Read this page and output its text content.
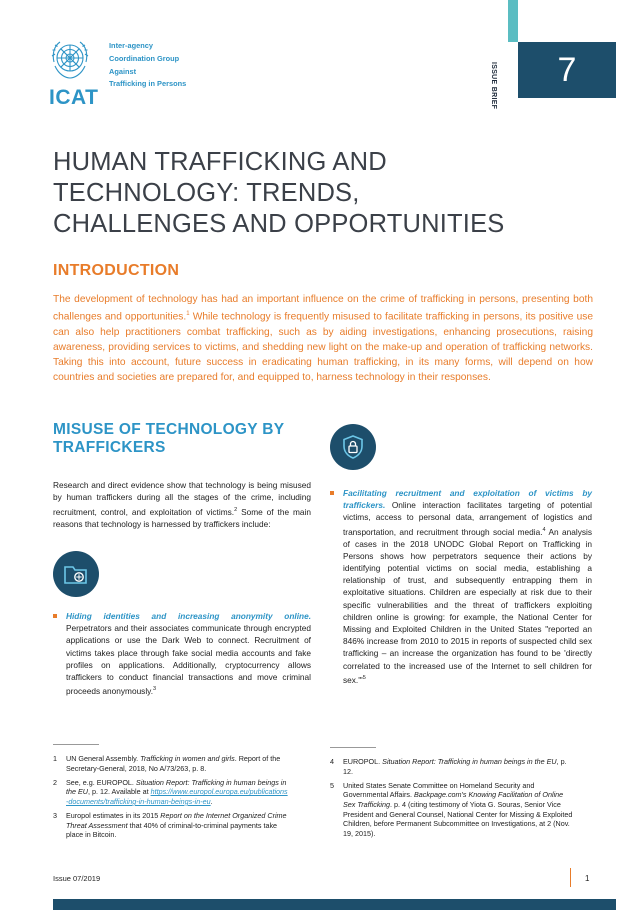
7
ISSUE BRIEF
ICAT
Inter-agency
Coordination Group
Against
Trafficking in Persons
HUMAN TRAFFICKING AND
TECHNOLOGY: TRENDS,
CHALLENGES AND OPPORTUNITIES
INTRODUCTION

The development of technology has had an important influence on the crime of trafficking in persons, presenting both challenges and opportunities.$^1$ While technology is frequently misused to facilitate trafficking in persons, its positive use can also help practitioners combat trafficking, such as by aiding investigations, enhancing prosecutions, raising awareness, providing services to victims, and shedding new light on the make-up and operation of trafficking networks. Taking this into account, future success in eradicating human trafficking, in its many forms, will depend on how countries and societies are prepared for, and equipped to, harness technology in their responses.

MISUSE OF TECHNOLOGY BY
TRAFFICKERS

Research and direct evidence show that technology is being misused by human traffickers during all the stages of the crime, including recruitment, control, and exploitation of victims.$^2$ Some of the main reasons that technology is harnessed by traffickers include:

Hiding identities and increasing anonymity online. Perpetrators and their associates communicate through encrypted applications or use the Dark Web to connect. Recruitment of victims takes place through fake social media accounts and fake profiles on applications. Additionally, cryptocurrency allows traffickers to conduct financial transactions and move criminal proceeds anonymously.$^3$

Facilitating recruitment and exploitation of victims by traffickers. Online interaction facilitates targeting of potential victims, access to personal data, arrangement of logistics and transportation, and recruitment through social media.$^4$ An analysis of cases in the 2018 UNODC Global Report on Trafficking in Persons shows how perpetrators sequence their actions by identifying potential victims on social media, establishing a relationship of trust, and subsequently entrapping them in exploitative situations. Children are especially at risk due to their specific vulnerabilities and the threat of traffickers exploiting children online is growing: for example, the National Center for Missing and Exploited Children in the United States "reported an 846% increase from 2010 to 2015 in reports of suspected child sex trafficking – an increase the organization has found to be 'directly correlated to the increased use of the Internet to sell children for sex.'"$^5$

1	UN General Assembly. Trafficking in women and girls. Report of the Secretary-General, 2018, No A/73/263, p. 8.
2	See, e.g. EUROPOL. Situation Report: Trafficking in human beings in the EU, p. 12. Available at https://www.europol.europa.eu/publications-documents/trafficking-in-human-beings-in-eu.
3	Europol estimates in its 2015 Report on the Internet Organized Crime Threat Assessment that 40% of criminal-to-criminal payments take place in Bitcoin.
4	EUROPOL. Situation Report: Trafficking in human beings in the EU, p. 12.
5	United States Senate Committee on Homeland Security and Governmental Affairs. Backpage.com's Knowing Facilitation of Online Sex Trafficking. p. 4 (citing testimony of Yiota G. Souras, Senior Vice President and General Counsel, National Center for Missing & Exploited Children, before Permanent Subcommittee on Investigations, at 2 (Nov. 19, 2015).
Issue 07/2019	1
